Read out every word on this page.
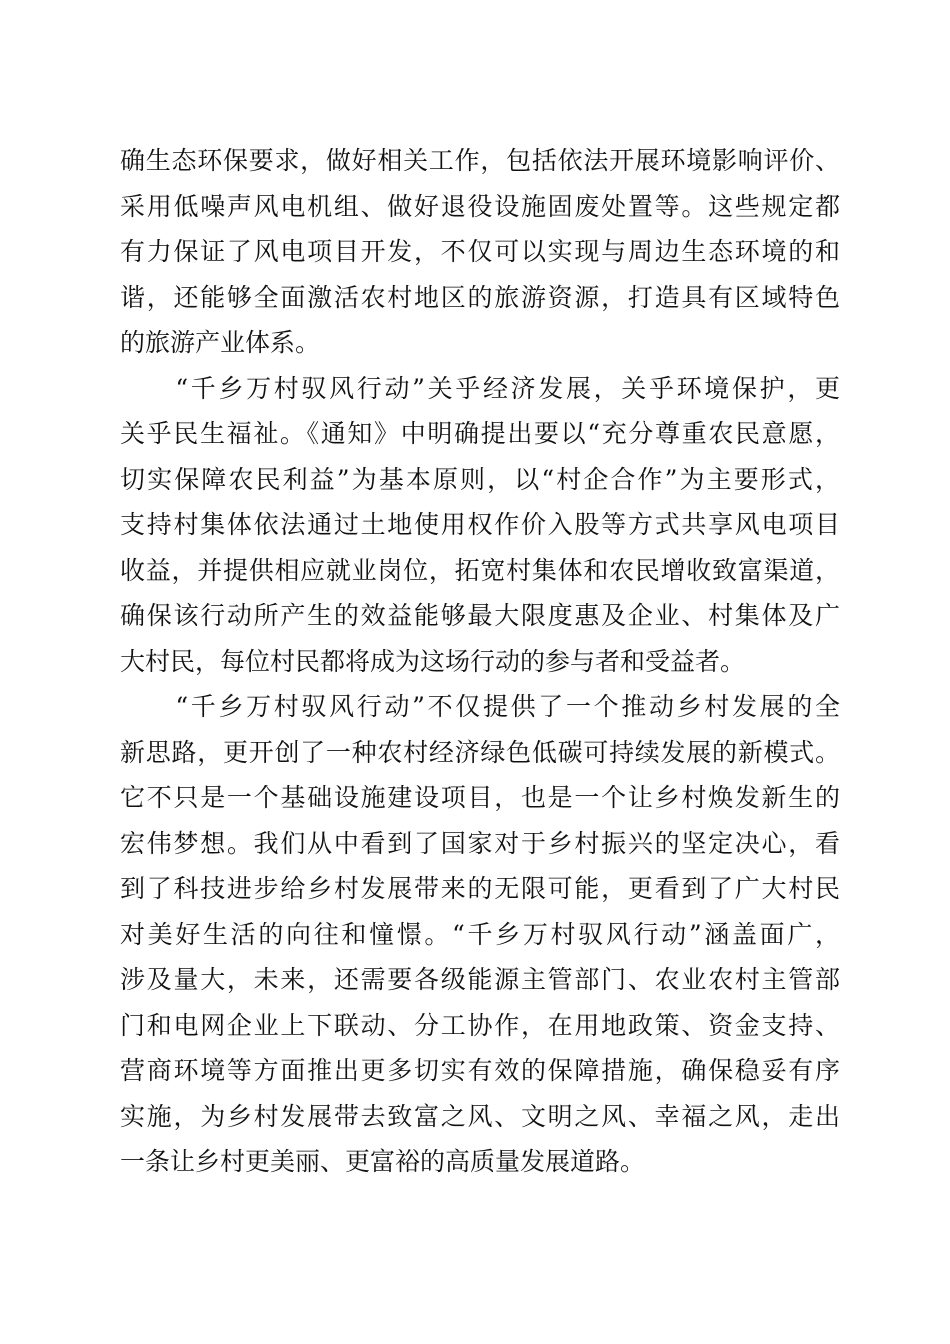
确生态环保要求，做好相关工作，包括依法开展环境影响评价、
采用低噪声风电机组、做好退役设施固废处置等。这些规定都
有力保证了风电项目开发，不仅可以实现与周边生态环境的和
谐，还能够全面激活农村地区的旅游资源，打造具有区域特色
的旅游产业体系。
　　“千乡万村驭风行动”关乎经济发展，关乎环境保护，更
关乎民生福祉。《通知》中明确提出要以“充分尊重农民意愿，
切实保障农民利益”为基本原则，以“村企合作”为主要形式，
支持村集体依法通过土地使用权作价入股等方式共享风电项目
收益，并提供相应就业岗位，拓宽村集体和农民增收致富渠道，
确保该行动所产生的效益能够最大限度惠及企业、村集体及广
大村民，每位村民都将成为这场行动的参与者和受益者。
　　“千乡万村驭风行动”不仅提供了一个推动乡村发展的全
新思路，更开创了一种农村经济绿色低碳可持续发展的新模式。
它不只是一个基础设施建设项目，也是一个让乡村焕发新生的
宏伟梦想。我们从中看到了国家对于乡村振兴的坚定决心，看
到了科技进步给乡村发展带来的无限可能，更看到了广大村民
对美好生活的向往和憧憬。“千乡万村驭风行动”涵盖面广，
涉及量大，未来，还需要各级能源主管部门、农业农村主管部
门和电网企业上下联动、分工协作，在用地政策、资金支持、
营商环境等方面推出更多切实有效的保障措施，确保稳妥有序
实施，为乡村发展带去致富之风、文明之风、幸福之风，走出
一条让乡村更美丽、更富裕的高质量发展道路。
